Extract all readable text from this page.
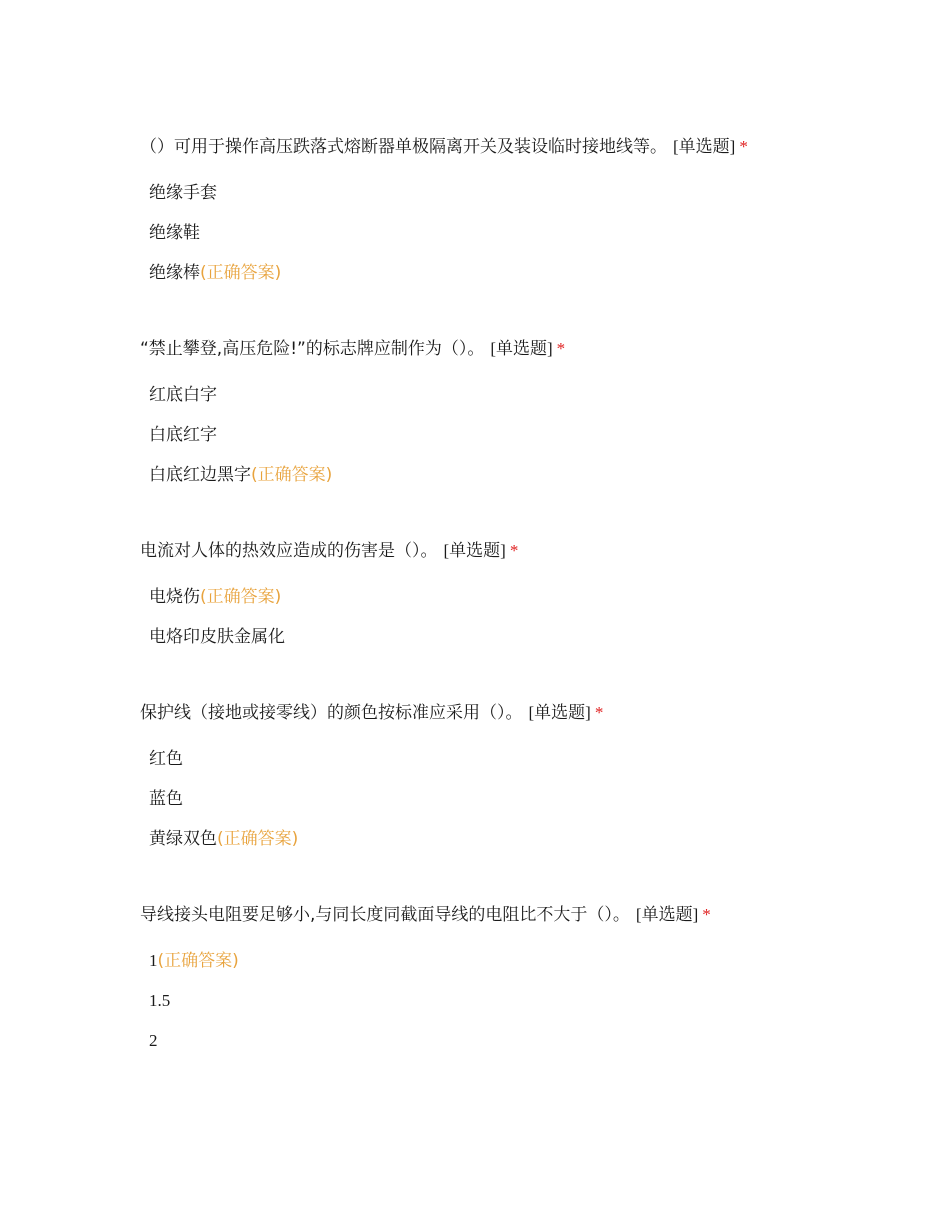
（）可用于操作高压跌落式熔断器单极隔离开关及装设临时接地线等。 [单选题] *
绝缘手套
绝缘鞋
绝缘棒(正确答案)
“禁止攀登,高压危险!”的标志牌应制作为（）。 [单选题] *
红底白字
白底红字
白底红边黑字(正确答案)
电流对人体的热效应造成的伤害是（）。 [单选题] *
电烧伤(正确答案)
电烙印皮肤金属化
保护线（接地或接零线）的颜色按标准应采用（）。 [单选题] *
红色
蓝色
黄绿双色(正确答案)
导线接头电阻要足够小,与同长度同截面导线的电阻比不大于（）。 [单选题] *
1(正确答案)
1.5
2
